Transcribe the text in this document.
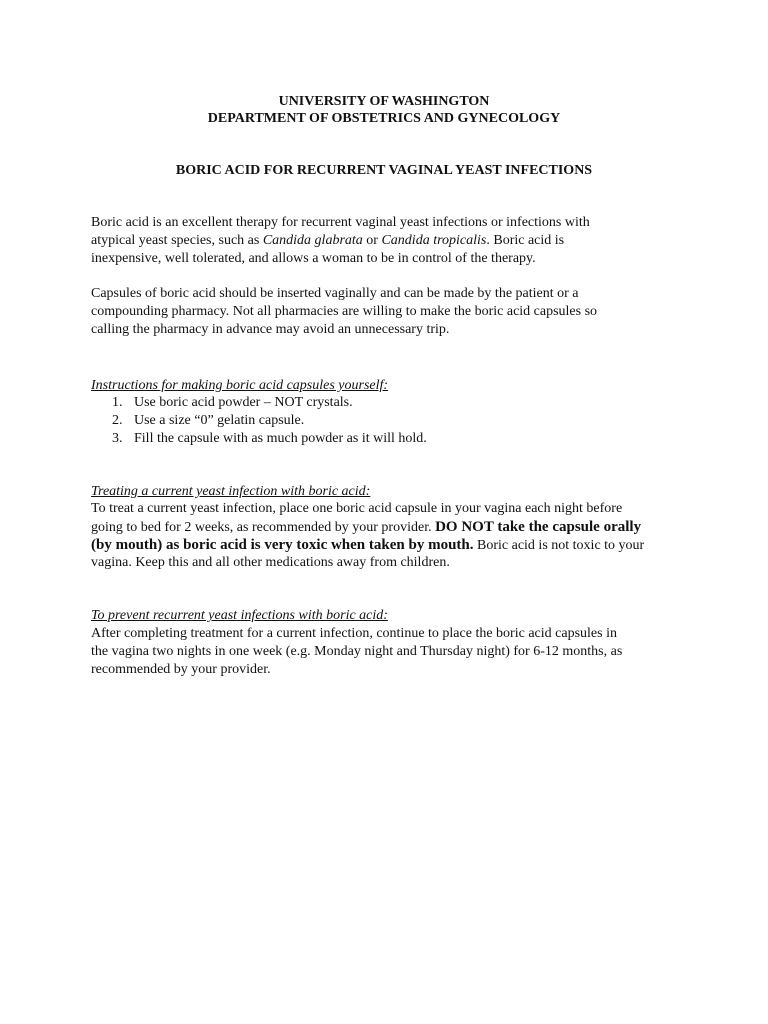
UNIVERSITY OF WASHINGTON
DEPARTMENT OF OBSTETRICS AND GYNECOLOGY
BORIC ACID FOR RECURRENT VAGINAL YEAST INFECTIONS
Boric acid is an excellent therapy for recurrent vaginal yeast infections or infections with
atypical yeast species, such as Candida glabrata or Candida tropicalis. Boric acid is
inexpensive, well tolerated, and allows a woman to be in control of the therapy.
Capsules of boric acid should be inserted vaginally and can be made by the patient or a
compounding pharmacy. Not all pharmacies are willing to make the boric acid capsules so
calling the pharmacy in advance may avoid an unnecessary trip.
Instructions for making boric acid capsules yourself:
1. Use boric acid powder – NOT crystals.
2. Use a size “0” gelatin capsule.
3. Fill the capsule with as much powder as it will hold.
Treating a current yeast infection with boric acid:
To treat a current yeast infection, place one boric acid capsule in your vagina each night before
going to bed for 2 weeks, as recommended by your provider. DO NOT take the capsule orally
(by mouth) as boric acid is very toxic when taken by mouth. Boric acid is not toxic to your
vagina. Keep this and all other medications away from children.
To prevent recurrent yeast infections with boric acid:
After completing treatment for a current infection, continue to place the boric acid capsules in
the vagina two nights in one week (e.g. Monday night and Thursday night) for 6-12 months, as
recommended by your provider.
